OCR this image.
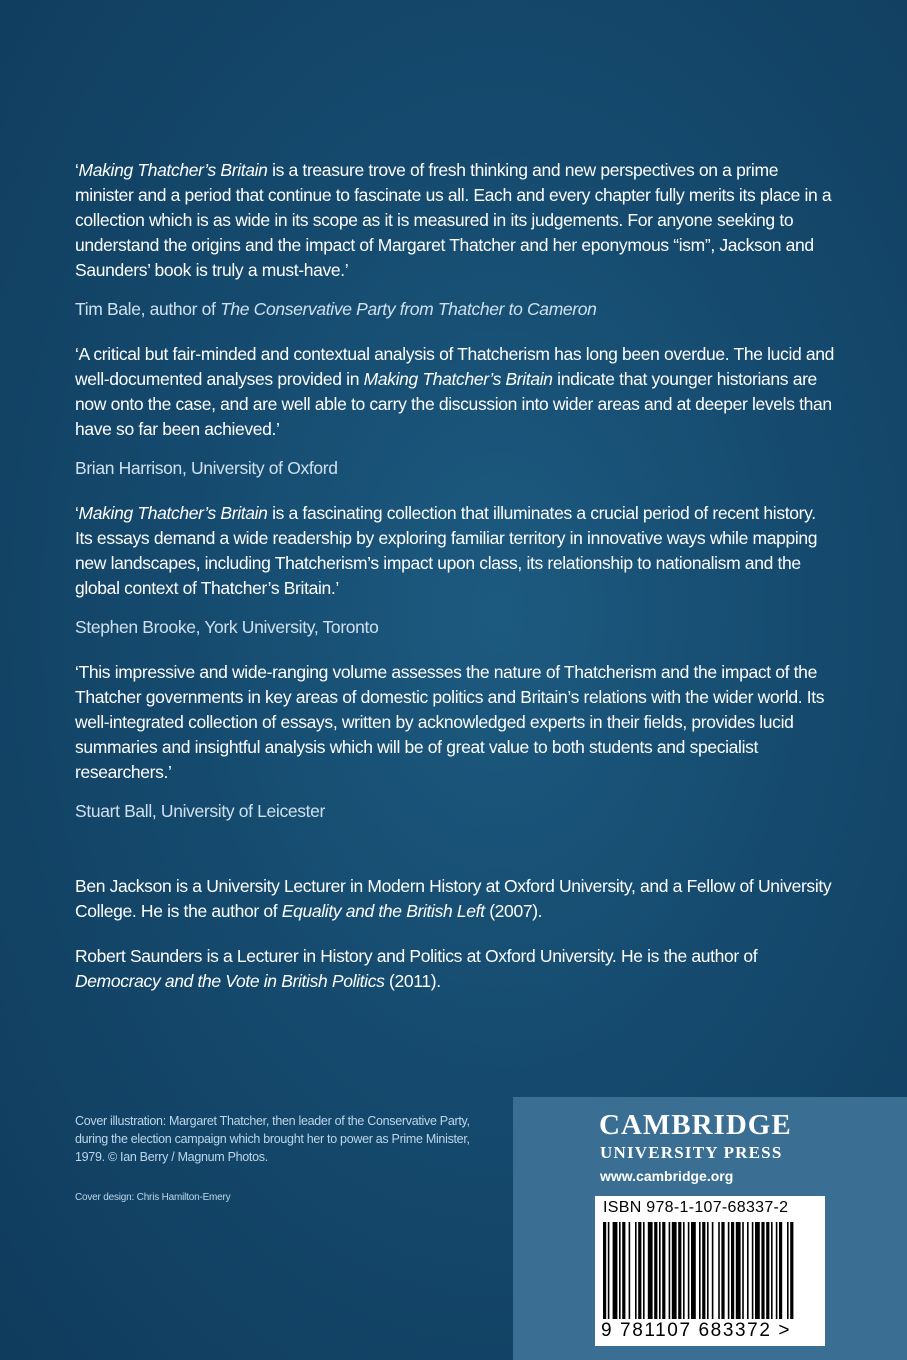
‘Making Thatcher’s Britain is a treasure trove of fresh thinking and new perspectives on a prime minister and a period that continue to fascinate us all. Each and every chapter fully merits its place in a collection which is as wide in its scope as it is measured in its judgements. For anyone seeking to understand the origins and the impact of Margaret Thatcher and her eponymous “ism”, Jackson and Saunders’ book is truly a must-have.’

Tim Bale, author of The Conservative Party from Thatcher to Cameron

‘A critical but fair-minded and contextual analysis of Thatcherism has long been overdue. The lucid and well-documented analyses provided in Making Thatcher’s Britain indicate that younger historians are now onto the case, and are well able to carry the discussion into wider areas and at deeper levels than have so far been achieved.’

Brian Harrison, University of Oxford

‘Making Thatcher’s Britain is a fascinating collection that illuminates a crucial period of recent history. Its essays demand a wide readership by exploring familiar territory in innovative ways while mapping new landscapes, including Thatcherism’s impact upon class, its relationship to nationalism and the global context of Thatcher’s Britain.’

Stephen Brooke, York University, Toronto

‘This impressive and wide-ranging volume assesses the nature of Thatcherism and the impact of the Thatcher governments in key areas of domestic politics and Britain’s relations with the wider world. Its well-integrated collection of essays, written by acknowledged experts in their fields, provides lucid summaries and insightful analysis which will be of great value to both students and specialist researchers.’

Stuart Ball, University of Leicester

Ben Jackson is a University Lecturer in Modern History at Oxford University, and a Fellow of University College. He is the author of Equality and the British Left (2007).

Robert Saunders is a Lecturer in History and Politics at Oxford University. He is the author of Democracy and the Vote in British Politics (2011).

Cover illustration: Margaret Thatcher, then leader of the Conservative Party, during the election campaign which brought her to power as Prime Minister, 1979. © Ian Berry / Magnum Photos.
Cover design: Chris Hamilton-Emery
CAMBRIDGE
UNIVERSITY PRESS
www.cambridge.org
ISBN 978-1-107-68337-2
9 781107 683372 >
